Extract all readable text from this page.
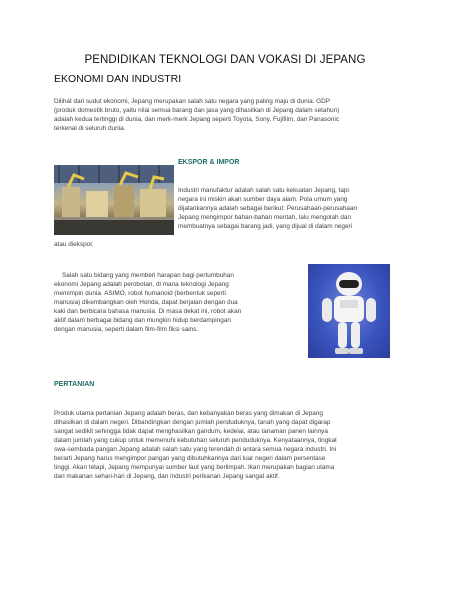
PENDIDIKAN TEKNOLOGI DAN VOKASI DI JEPANG
EKONOMI DAN INDUSTRI
Dilihat dari sudut ekonomi, Jepang merupakan salah satu negara yang paling maju di dunia. GDP
(produk domestik bruto, yaitu nilai semua barang dan jasa yang dihasilkan di Jepang dalam setahun)
adalah kedua tertinggi di dunia, dan merk-merk Jepang seperti Toyota, Sony, Fujifilm, dan Panasonic
terkenal di seluruh dunia.
EKSPOR & IMPOR
Industri manufaktur adalah salah satu kekuatan Jepang, tapi
negara ini miskin akan sumber daya alam. Pola umum yang
dijalankannya adalah sebagai berikut: Perusahaan-perusahaan
Jepang mengimpor bahan-bahan mentah, lalu mengolah dan
membuatnya sebagai barang jadi, yang dijual di dalam negeri
atau diekspor.
Salah satu bidang yang memberi harapan bagi pertumbuhan
ekonomi Jepang adalah perobotan, di mana teknologi Jepang
memimpin dunia. ASIMO, robot humanoid (berbentuk seperti
manusia) dikembangkan oleh Honda, dapat berjalan dengan dua
kaki dan berbicara bahasa manusia. Di masa dekat ini, robot akan
aktif dalam berbagai bidang dan mungkin hidup berdampingan
dengan manusia, seperti dalam film-film fiksi sains.
PERTANIAN
Produk utama pertanian Jepang adalah beras, dan kebanyakan beras yang dimakan di Jepang
dihasilkan di dalam negeri. Dibandingkan dengan jumlah penduduknya, tanah yang dapat digarap
sangat sedikit sehingga tidak dapat menghasilkan gandum, kedelai, atau tanaman panen lainnya
dalam jumlah yang cukup untuk memenuhi kebutuhan seluruh penduduknya. Kenyataannya, tingkat
swa-sembada pangan Jepang adalah salah satu yang terendah di antara semua negara industri. Ini
berarti Jepang harus mengimpor pangan yang dibutuhkannya dari luar negeri dalam persentase
tinggi. Akan tetapi, Jepang mempunyai sumber laut yang berlimpah. Ikan merupakan bagian utama
dari makanan sehari-hari di Jepang, dan industri perikanan Jepang sangat aktif.
